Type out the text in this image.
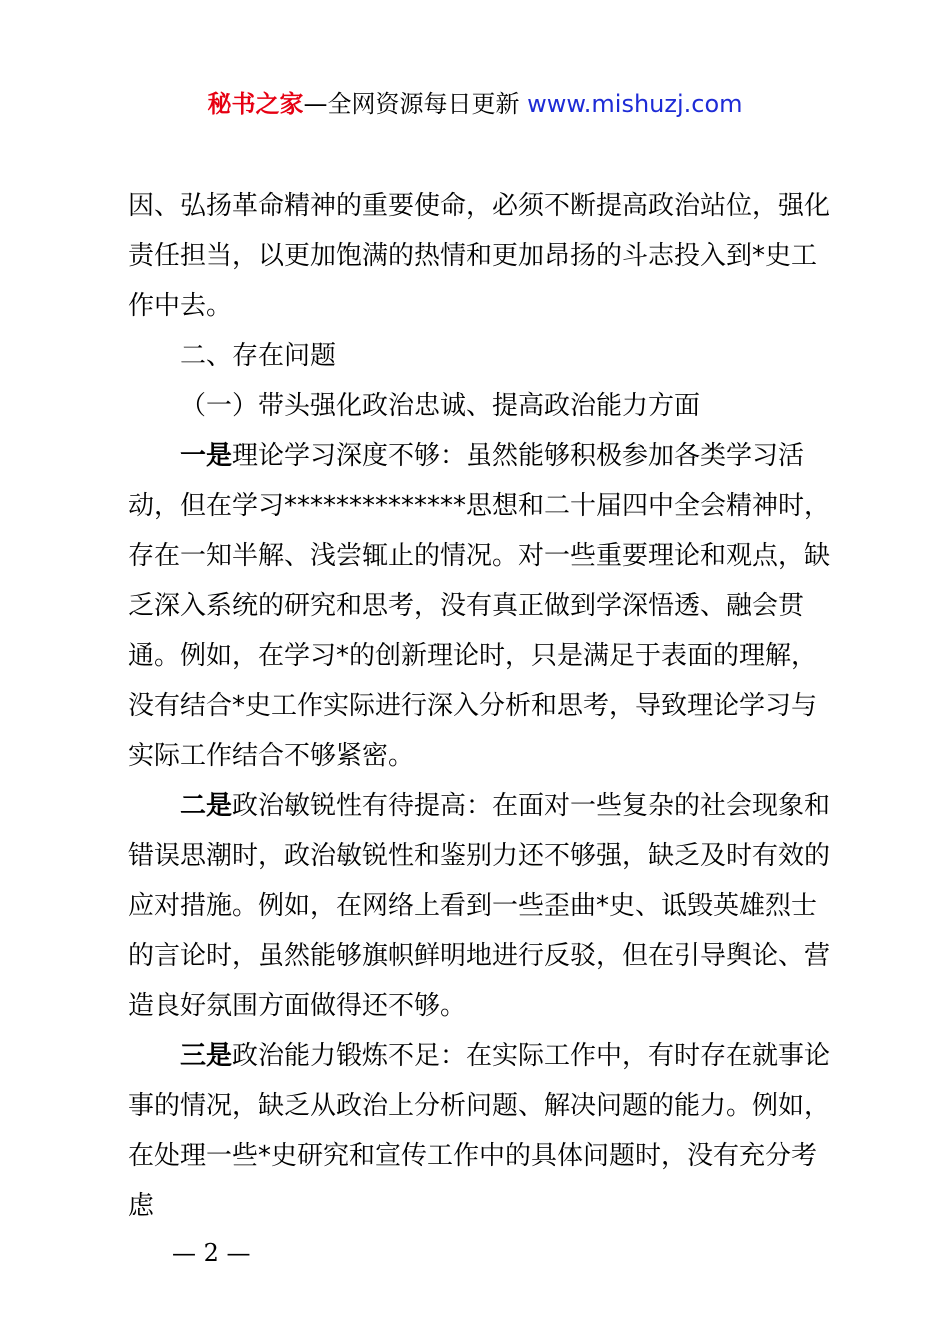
秘书之家—全网资源每日更新 www.mishuzj.com

因、弘扬革命精神的重要使命，必须不断提高政治站位，强化责任担当，以更加饱满的热情和更加昂扬的斗志投入到*史工作中去。

二、存在问题

（一）带头强化政治忠诚、提高政治能力方面

一是理论学习深度不够：虽然能够积极参加各类学习活动，但在学习**************思想和二十届四中全会精神时，存在一知半解、浅尝辄止的情况。对一些重要理论和观点，缺乏深入系统的研究和思考，没有真正做到学深悟透、融会贯通。例如，在学习*的创新理论时，只是满足于表面的理解，没有结合*史工作实际进行深入分析和思考，导致理论学习与实际工作结合不够紧密。

二是政治敏锐性有待提高：在面对一些复杂的社会现象和错误思潮时，政治敏锐性和鉴别力还不够强，缺乏及时有效的应对措施。例如，在网络上看到一些歪曲*史、诋毁英雄烈士的言论时，虽然能够旗帜鲜明地进行反驳，但在引导舆论、营造良好氛围方面做得还不够。

三是政治能力锻炼不足：在实际工作中，有时存在就事论事的情况，缺乏从政治上分析问题、解决问题的能力。例如，在处理一些*史研究和宣传工作中的具体问题时，没有充分考虑

— 2 —
